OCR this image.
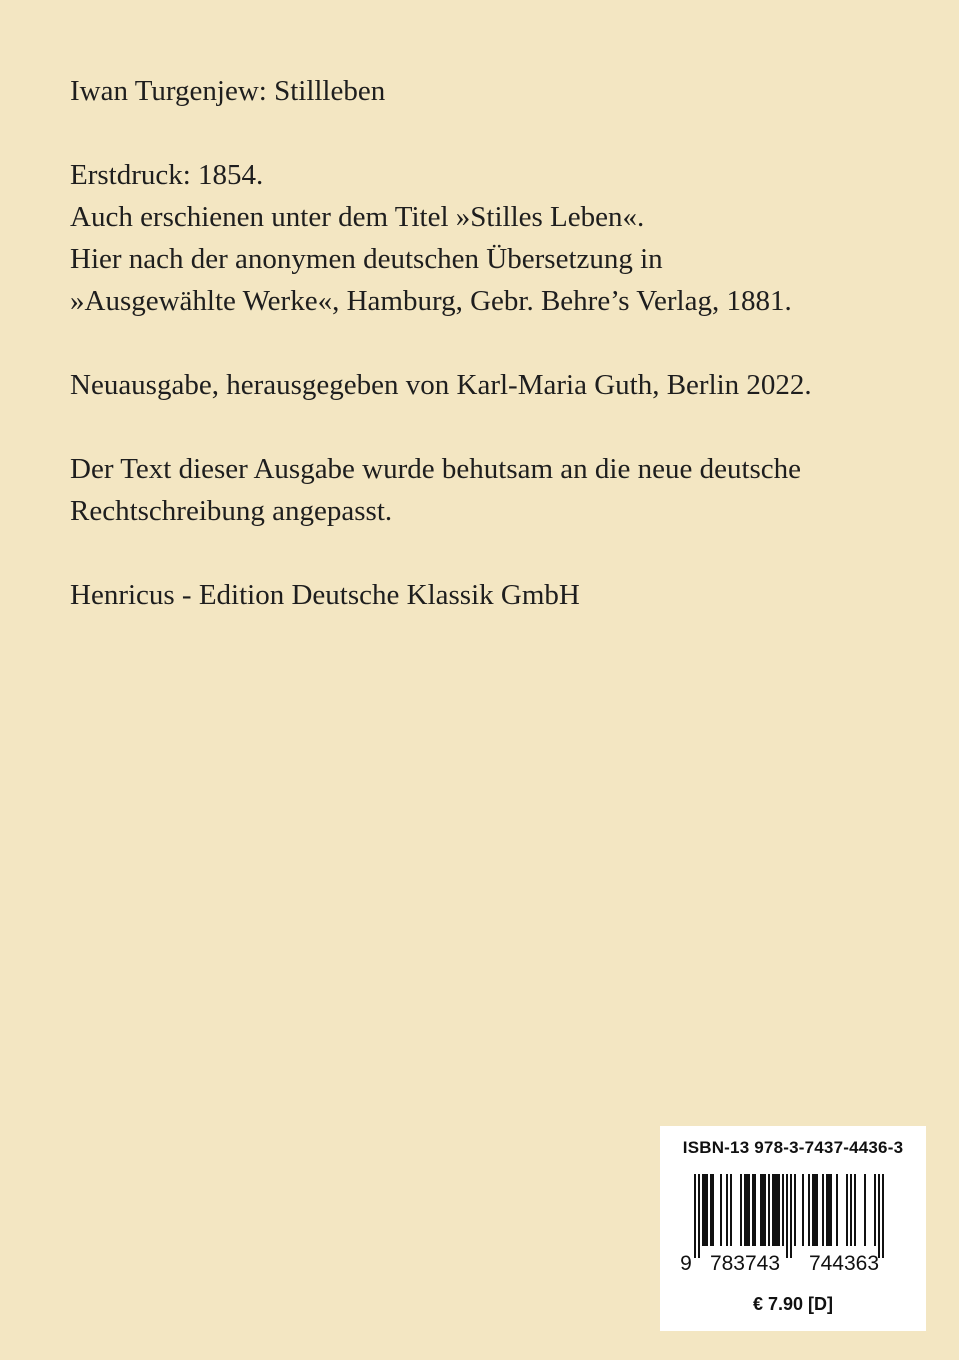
Iwan Turgenjew: Stillleben

Erstdruck: 1854.
Auch erschienen unter dem Titel »Stilles Leben«.
Hier nach der anonymen deutschen Übersetzung in
»Ausgewählte Werke«, Hamburg, Gebr. Behre’s Verlag, 1881.

Neuausgabe, herausgegeben von Karl-Maria Guth, Berlin 2022.

Der Text dieser Ausgabe wurde behutsam an die neue deutsche
Rechtschreibung angepasst.

Henricus - Edition Deutsche Klassik GmbH

ISBN-13 978-3-7437-4436-3
9 783743 744363
€ 7.90 [D]
